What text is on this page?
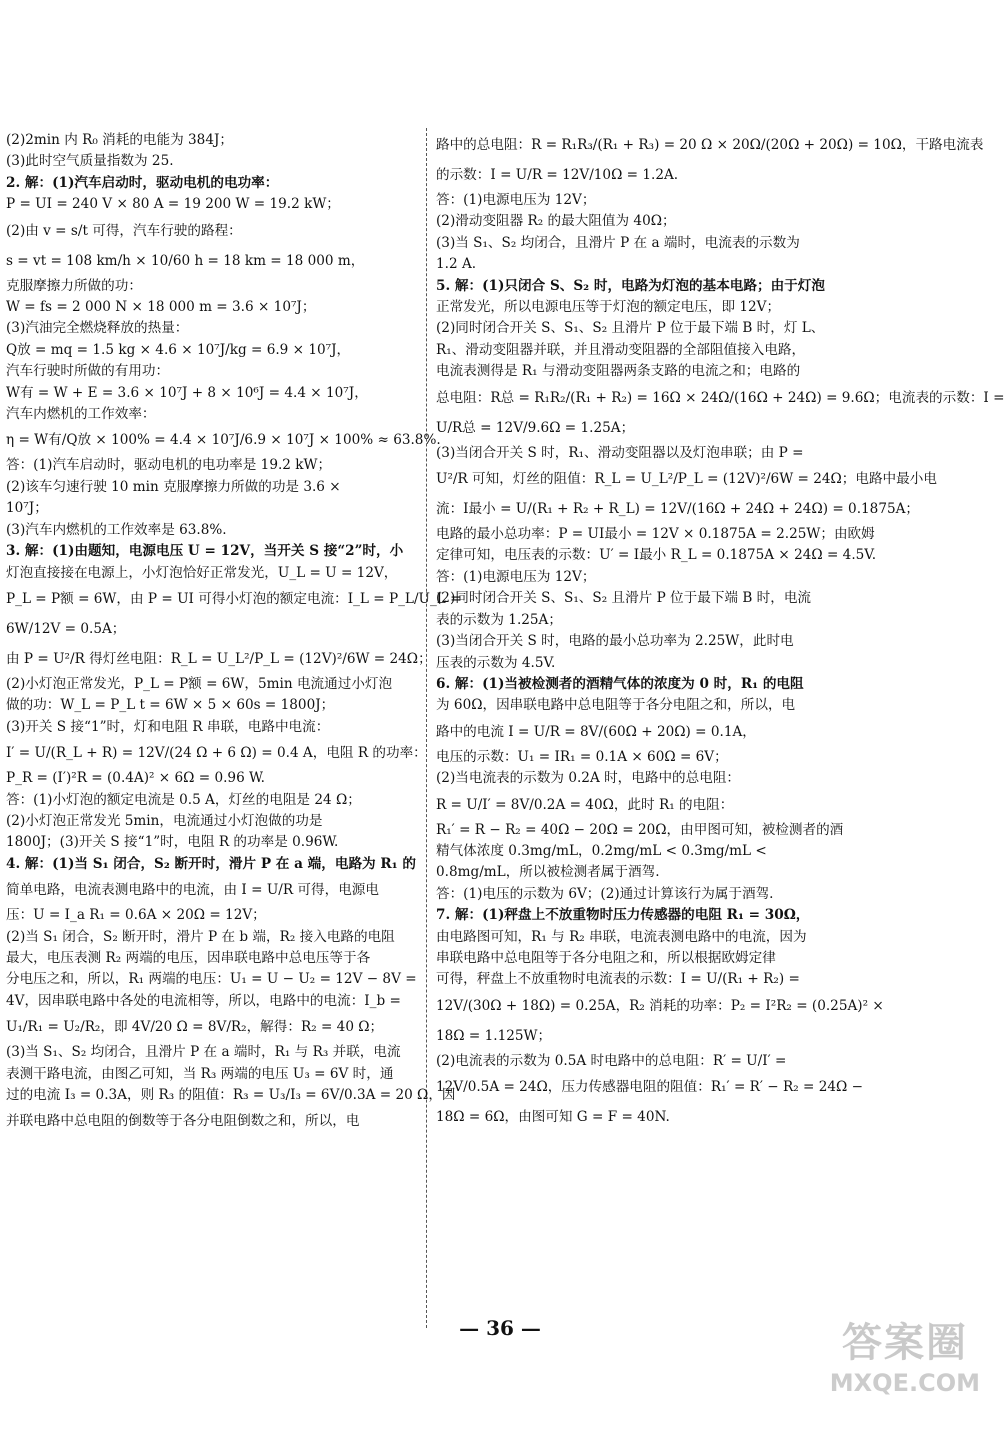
(2)2min 内 R₀ 消耗的电能为 384J；
(3)此时空气质量指数为 25.
2. 解：(1)汽车启动时，驱动电机的电功率：
P = UI = 240 V × 80 A = 19 200 W = 19.2 kW；
(2)由 v = s/t 可得，汽车行驶的路程：
s = vt = 108 km/h × 10/60 h = 18 km = 18 000 m，
克服摩擦力所做的功：
W = fs = 2 000 N × 18 000 m = 3.6 × 10⁷J；
(3)汽油完全燃烧释放的热量：
Q放 = mq = 1.5 kg × 4.6 × 10⁷J/kg = 6.9 × 10⁷J，
汽车行驶时所做的有用功：
W有 = W + E = 3.6 × 10⁷J + 8 × 10⁶J = 4.4 × 10⁷J，
汽车内燃机的工作效率：
η = W有/Q放 × 100% = 4.4 × 10⁷J/6.9 × 10⁷J × 100% ≈ 63.8%.
答：(1)汽车启动时，驱动电机的电功率是 19.2 kW；
(2)该车匀速行驶 10 min 克服摩擦力所做的功是 3.6 ×
10⁷J；
(3)汽车内燃机的工作效率是 63.8%.
3. 解：(1)由题知，电源电压 U = 12V，当开关 S 接“2”时，小
灯泡直接接在电源上，小灯泡恰好正常发光，U_L = U = 12V，
P_L = P额 = 6W，由 P = UI 可得小灯泡的额定电流：I_L = P_L/U_L =
6W/12V = 0.5A；
由 P = U²/R 得灯丝电阻：R_L = U_L²/P_L = (12V)²/6W = 24Ω；
(2)小灯泡正常发光，P_L = P额 = 6W，5min 电流通过小灯泡
做的功：W_L = P_L t = 6W × 5 × 60s = 1800J；
(3)开关 S 接“1”时，灯和电阻 R 串联，电路中电流：
I′ = U/(R_L + R) = 12V/(24 Ω + 6 Ω) = 0.4 A，电阻 R 的功率：
P_R = (I′)²R = (0.4A)² × 6Ω = 0.96 W.
答：(1)小灯泡的额定电流是 0.5 A，灯丝的电阻是 24 Ω；
(2)小灯泡正常发光 5min，电流通过小灯泡做的功是
1800J；(3)开关 S 接“1”时，电阻 R 的功率是 0.96W.
4. 解：(1)当 S₁ 闭合，S₂ 断开时，滑片 P 在 a 端，电路为 R₁ 的
简单电路，电流表测电路中的电流，由 I = U/R 可得，电源电
压：U = I_a R₁ = 0.6A × 20Ω = 12V；
(2)当 S₁ 闭合，S₂ 断开时，滑片 P 在 b 端，R₂ 接入电路的电阻
最大，电压表测 R₂ 两端的电压，因串联电路中总电压等于各
分电压之和，所以，R₁ 两端的电压：U₁ = U − U₂ = 12V − 8V =
4V，因串联电路中各处的电流相等，所以，电路中的电流：I_b =
U₁/R₁ = U₂/R₂，即 4V/20 Ω = 8V/R₂，解得：R₂ = 40 Ω；
(3)当 S₁、S₂ 均闭合，且滑片 P 在 a 端时，R₁ 与 R₃ 并联，电流
表测干路电流，由图乙可知，当 R₃ 两端的电压 U₃ = 6V 时，通
过的电流 I₃ = 0.3A，则 R₃ 的阻值：R₃ = U₃/I₃ = 6V/0.3A = 20 Ω，因
并联电路中总电阻的倒数等于各分电阻倒数之和，所以，电
路中的总电阻：R = R₁R₃/(R₁ + R₃) = 20 Ω × 20Ω/(20Ω + 20Ω) = 10Ω，干路电流表
的示数：I = U/R = 12V/10Ω = 1.2A.
答：(1)电源电压为 12V；
(2)滑动变阻器 R₂ 的最大阻值为 40Ω；
(3)当 S₁、S₂ 均闭合，且滑片 P 在 a 端时，电流表的示数为
1.2 A.
5. 解：(1)只闭合 S、S₂ 时，电路为灯泡的基本电路；由于灯泡
正常发光，所以电源电压等于灯泡的额定电压，即 12V；
(2)同时闭合开关 S、S₁、S₂ 且滑片 P 位于最下端 B 时，灯 L、
R₁、滑动变阻器并联，并且滑动变阻器的全部阻值接入电路，
电流表测得是 R₁ 与滑动变阻器两条支路的电流之和；电路的
总电阻：R总 = R₁R₂/(R₁ + R₂) = 16Ω × 24Ω/(16Ω + 24Ω) = 9.6Ω；电流表的示数：I =
U/R总 = 12V/9.6Ω = 1.25A；
(3)当闭合开关 S 时，R₁、滑动变阻器以及灯泡串联；由 P =
U²/R 可知，灯丝的阻值：R_L = U_L²/P_L = (12V)²/6W = 24Ω；电路中最小电
流：I最小 = U/(R₁ + R₂ + R_L) = 12V/(16Ω + 24Ω + 24Ω) = 0.1875A；
电路的最小总功率：P = UI最小 = 12V × 0.1875A = 2.25W；由欧姆
定律可知，电压表的示数：U′ = I最小 R_L = 0.1875A × 24Ω = 4.5V.
答：(1)电源电压为 12V；
(2)同时闭合开关 S、S₁、S₂ 且滑片 P 位于最下端 B 时，电流
表的示数为 1.25A；
(3)当闭合开关 S 时，电路的最小总功率为 2.25W，此时电
压表的示数为 4.5V.
6. 解：(1)当被检测者的酒精气体的浓度为 0 时，R₁ 的电阻
为 60Ω，因串联电路中总电阻等于各分电阻之和，所以，电
路中的电流 I = U/R = 8V/(60Ω + 20Ω) = 0.1A，
电压的示数：U₁ = IR₁ = 0.1A × 60Ω = 6V；
(2)当电流表的示数为 0.2A 时，电路中的总电阻：
R = U/I′ = 8V/0.2A = 40Ω，此时 R₁ 的电阻：
R₁′ = R − R₂ = 40Ω − 20Ω = 20Ω，由甲图可知，被检测者的酒
精气体浓度 0.3mg/mL，0.2mg/mL < 0.3mg/mL <
0.8mg/mL，所以被检测者属于酒驾.
答：(1)电压的示数为 6V；(2)通过计算该行为属于酒驾.
7. 解：(1)秤盘上不放重物时压力传感器的电阻 R₁ = 30Ω，
由电路图可知，R₁ 与 R₂ 串联，电流表测电路中的电流，因为
串联电路中总电阻等于各分电阻之和，所以根据欧姆定律
可得，秤盘上不放重物时电流表的示数：I = U/(R₁ + R₂) =
12V/(30Ω + 18Ω) = 0.25A，R₂ 消耗的功率：P₂ = I²R₂ = (0.25A)² ×
18Ω = 1.125W；
(2)电流表的示数为 0.5A 时电路中的总电阻：R′ = U/I′ =
12V/0.5A = 24Ω，压力传感器电阻的阻值：R₁′ = R′ − R₂ = 24Ω −
18Ω = 6Ω，由图可知 G = F = 40N.
— 36 —	答案圈
MXQE.COM
